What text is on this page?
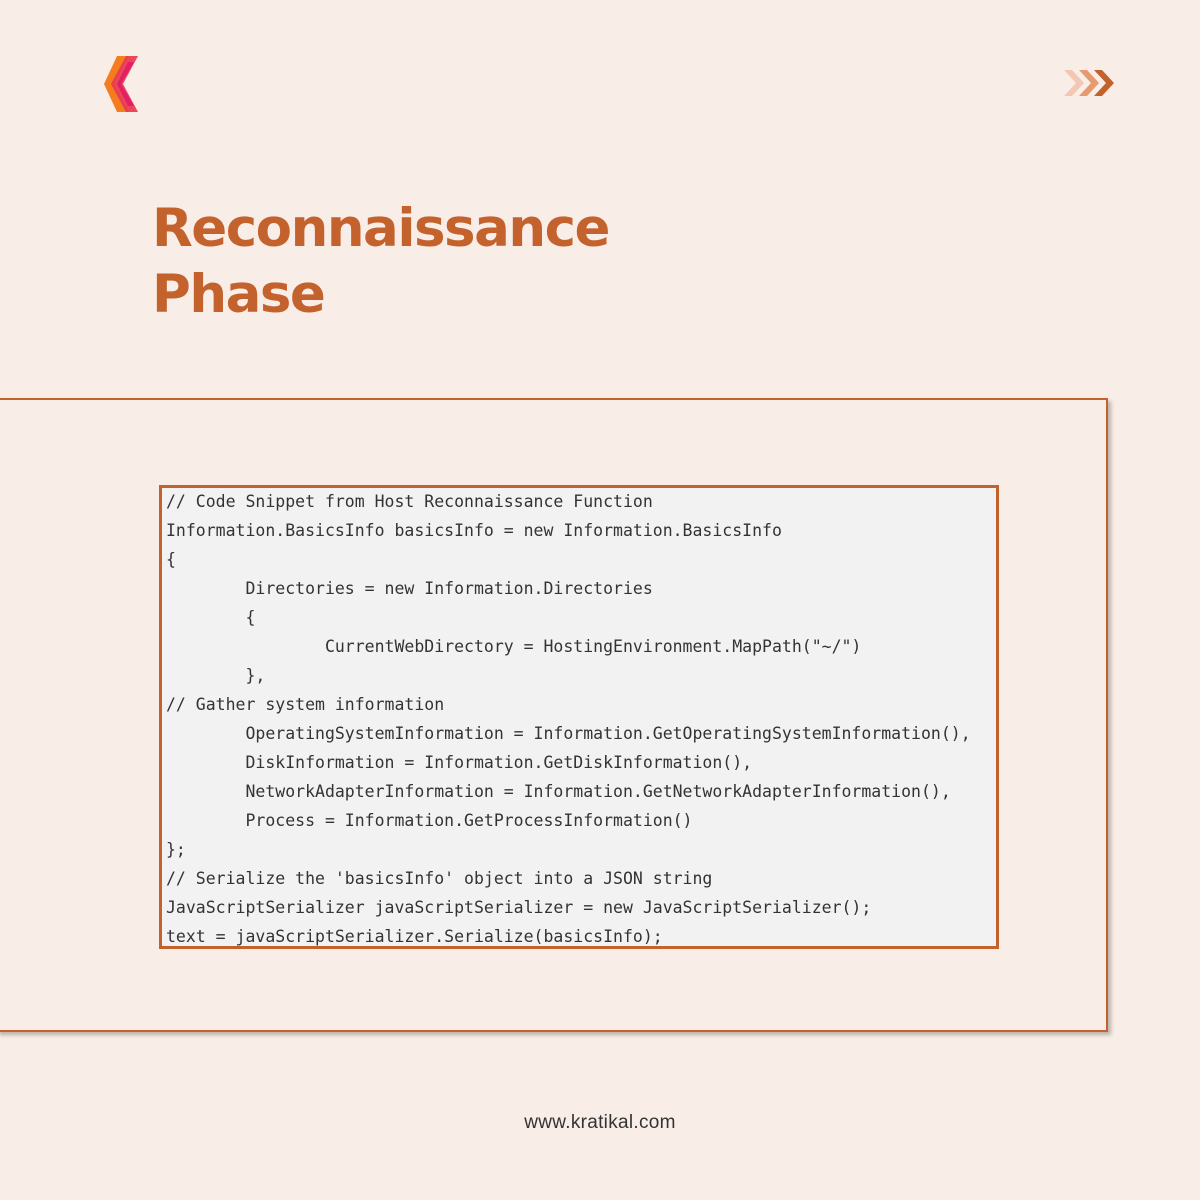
Reconnaissance
Phase
// Code Snippet from Host Reconnaissance Function
Information.BasicsInfo basicsInfo = new Information.BasicsInfo
{
Directories = new Information.Directories
{
CurrentWebDirectory = HostingEnvironment.MapPath("~/")
},
// Gather system information
OperatingSystemInformation = Information.GetOperatingSystemInformation(),
DiskInformation = Information.GetDiskInformation(),
NetworkAdapterInformation = Information.GetNetworkAdapterInformation(),
Process = Information.GetProcessInformation()
};
// Serialize the 'basicsInfo' object into a JSON string
JavaScriptSerializer javaScriptSerializer = new JavaScriptSerializer();
text = javaScriptSerializer.Serialize(basicsInfo);
www.kratikal.com
